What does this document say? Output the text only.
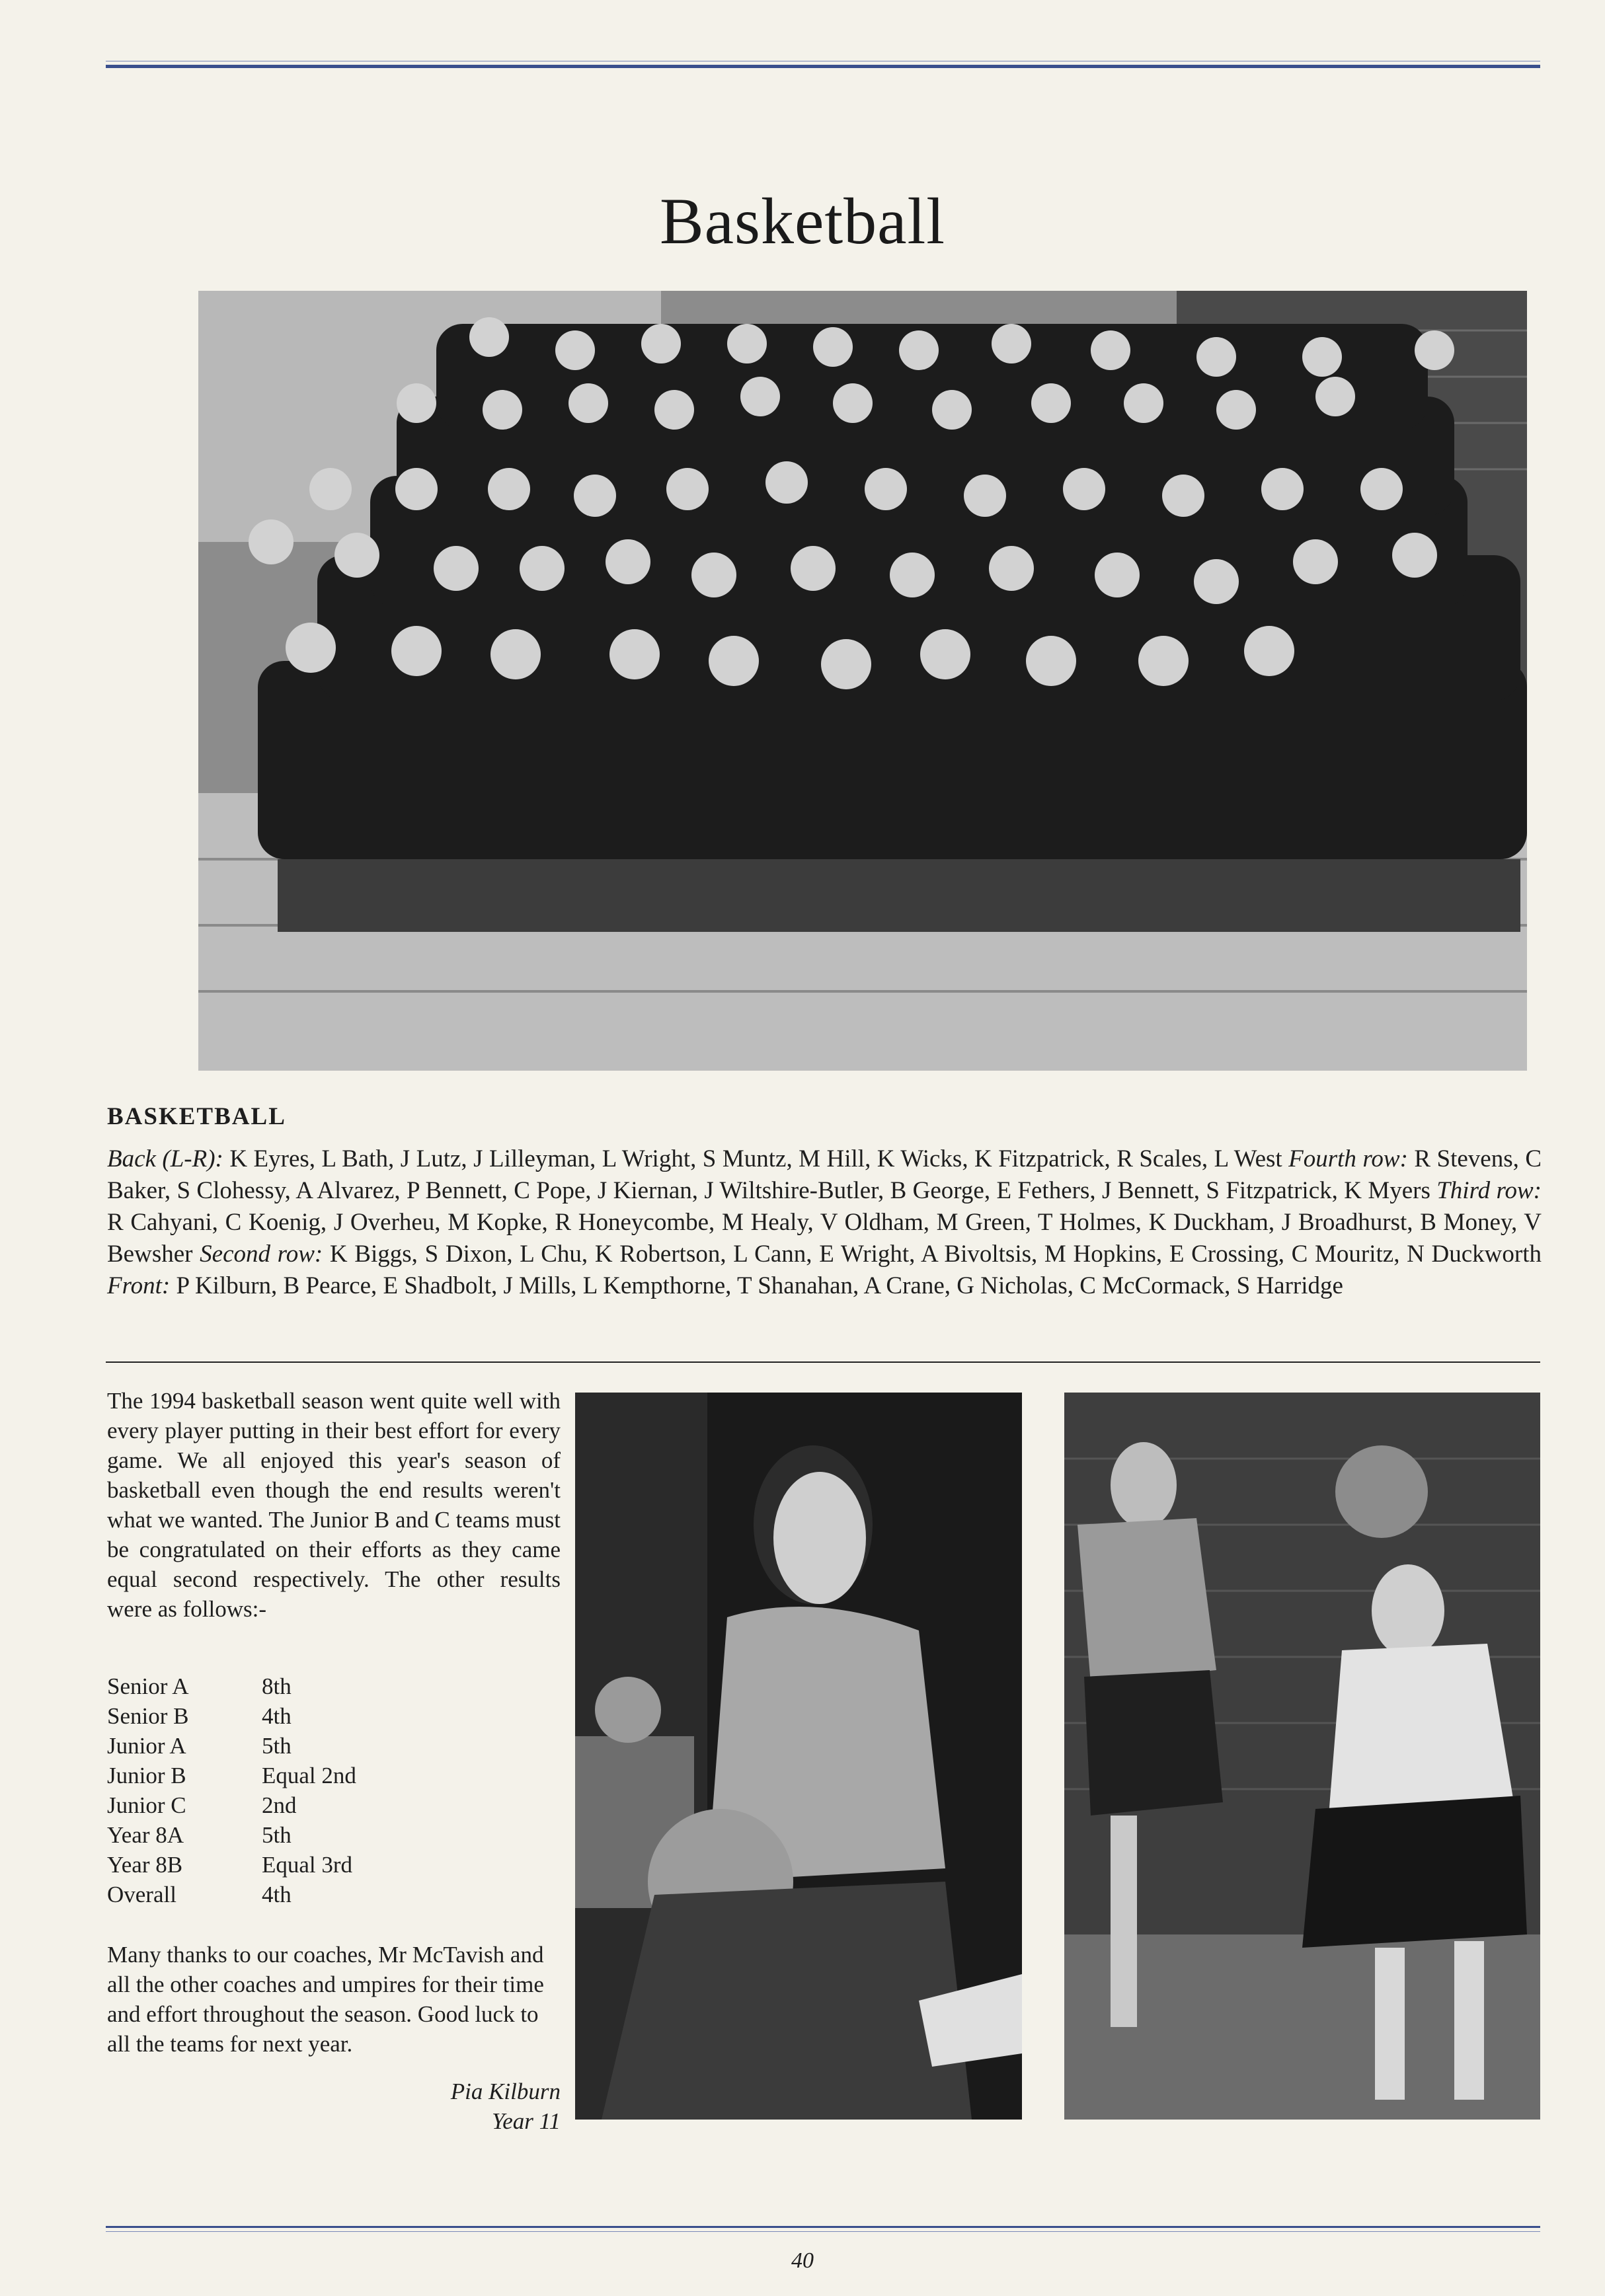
Basketball
BASKETBALL

Back (L-R): K Eyres, L Bath, J Lutz, J Lilleyman, L Wright, S Muntz, M Hill, K Wicks, K Fitzpatrick, R Scales, L West Fourth row: R Stevens, C Baker, S Clohessy, A Alvarez, P Bennett, C Pope, J Kiernan, J Wiltshire-Butler, B George, E Fethers, J Bennett, S Fitzpatrick, K Myers Third row: R Cahyani, C Koenig, J Overheu, M Kopke, R Honeycombe, M Healy, V Oldham, M Green, T Holmes, K Duckham, J Broadhurst, B Money, V Bewsher Second row: K Biggs, S Dixon, L Chu, K Robertson, L Cann, E Wright, A Bivoltsis, M Hopkins, E Crossing, C Mouritz, N Duckworth Front: P Kilburn, B Pearce, E Shadbolt, J Mills, L Kempthorne, T Shanahan, A Crane, G Nicholas, C McCormack, S Harridge

The 1994 basketball season went quite well with every player putting in their best effort for every game. We all enjoyed this year's season of basketball even though the end results weren't what we wanted. The Junior B and C teams must be congratulated on their efforts as they came equal second respectively. The other results were as follows:-

Senior A	8th
Senior B	4th
Junior A	5th
Junior B	Equal 2nd
Junior C	2nd
Year 8A	5th
Year 8B	Equal 3rd
Overall	4th

Many thanks to our coaches, Mr McTavish and all the other coaches and umpires for their time and effort throughout the season. Good luck to all the teams for next year.

Pia Kilburn
Year 11
40
